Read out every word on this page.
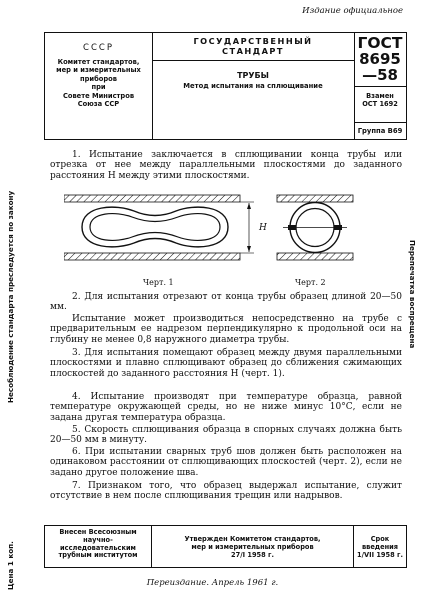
Издание официальное
СССР
Комитет стандартов,
мер и измерительных
приборов
при
Совете Министров
Союза ССР
ГОСУДАРСТВЕННЫЙ
СТАНДАРТ
ТРУБЫ
Метод испытания на сплющивание
ГОСТ
8695—58
Взамен
ОСТ 1692
Группа В69
Несоблюдение стандарта преследуется по закону
Цена 1 коп.
Перепечатка воспрещена
1. Испытание заключается в сплющивании конца трубы или отрезка от нее между параллельными плоскостями до заданного расстояния H между этими плоскостями.
H
Черт. 1	Черт. 2
2. Для испытания отрезают от конца трубы образец длиной 20—50 мм.
Испытание может производиться непосредственно на трубе с предварительным ее надрезом перпендикулярно к продольной оси на глубину не менее 0,8 наружного диаметра трубы.
3. Для испытания помещают образец между двумя параллельными плоскостями и плавно сплющивают образец до сближения сжимающих плоскостей до заданного расстояния H (черт. 1).
4. Испытание производят при температуре образца, равной температуре окружающей среды, но не ниже минус 10°С, если не задана другая температура образца.
5. Скорость сплющивания образца в спорных случаях должна быть 20—50 мм в минуту.
6. При испытании сварных труб шов должен быть расположен на одинаковом расстоянии от сплющивающих плоскостей (черт. 2), если не задано другое положение шва.
7. Признаком того, что образец выдержал испытание, служит отсутствие в нем после сплющивания трещин или надрывов.
Внесен Всесоюзным
научно-
исследовательским
трубным институтом
Утвержден Комитетом стандартов,
мер и измерительных приборов
27/I 1958 г.
Срок введения
1/VII 1958 г.
Переиздание. Апрель 1961 г.
